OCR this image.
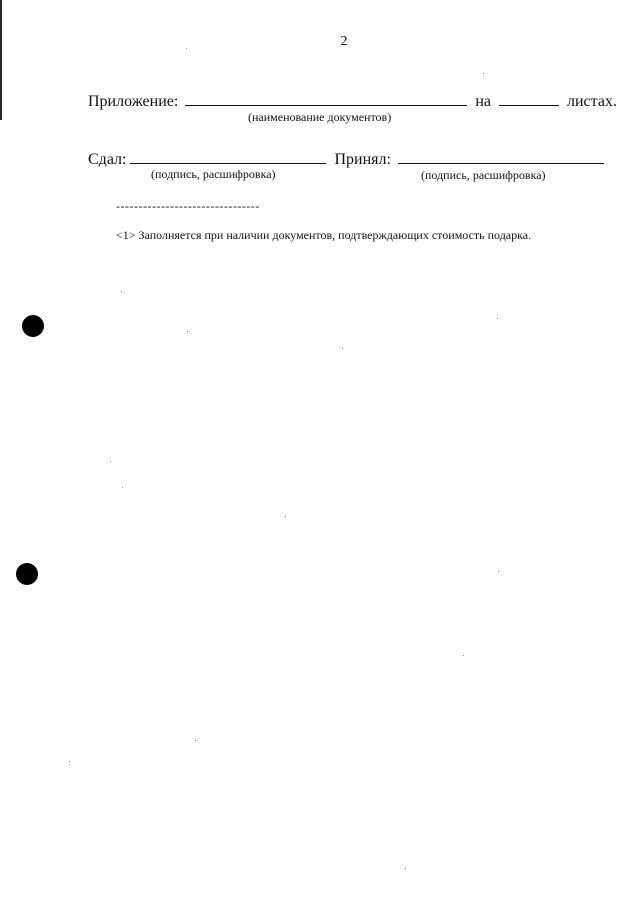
2
Приложение:	на	листах.
(наименование документов)
Сдал:	Принял:
(подпись, расшифровка)	(подпись, расшифровка)
--------------------------------
<1> Заполняется при наличии документов, подтверждающих стоимость подарка.
